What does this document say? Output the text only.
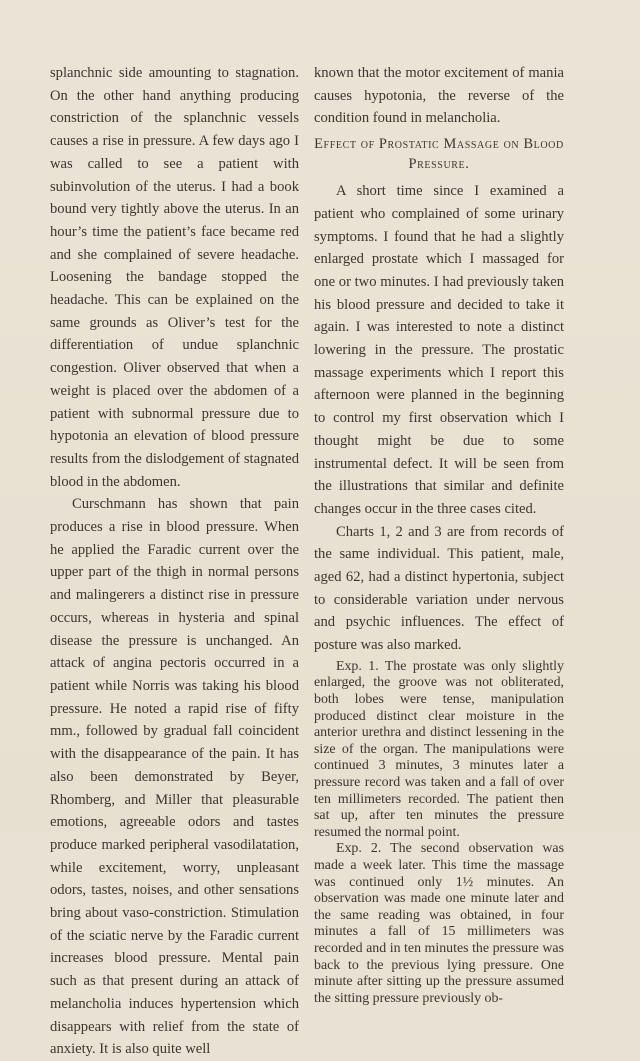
splanchnic side amounting to stagnation. On the other hand anything producing constriction of the splanchnic vessels causes a rise in pressure. A few days ago I was called to see a patient with subinvolution of the uterus. I had a book bound very tightly above the uterus. In an hour’s time the patient’s face became red and she complained of severe headache. Loosening the bandage stopped the headache. This can be explained on the same grounds as Oliver’s test for the differentiation of undue splanchnic congestion. Oliver observed that when a weight is placed over the abdomen of a patient with subnormal pressure due to hypotonia an elevation of blood pressure results from the dislodgement of stagnated blood in the abdomen.

Curschmann has shown that pain produces a rise in blood pressure. When he applied the Faradic current over the upper part of the thigh in normal persons and malingerers a distinct rise in pressure occurs, whereas in hysteria and spinal disease the pressure is unchanged. An attack of angina pectoris occurred in a patient while Norris was taking his blood pressure. He noted a rapid rise of fifty mm., followed by gradual fall coincident with the disappearance of the pain. It has also been demonstrated by Beyer, Rhomberg, and Miller that pleasurable emotions, agreeable odors and tastes produce marked peripheral vasodilatation, while excitement, worry, unpleasant odors, tastes, noises, and other sensations bring about vaso-constriction. Stimulation of the sciatic nerve by the Faradic current increases blood pressure. Mental pain such as that present during an attack of melancholia induces hypertension which disappears with relief from the state of anxiety. It is also quite well

known that the motor excitement of mania causes hypotonia, the reverse of the condition found in melancholia.

Effect of Prostatic Massage on Blood
Pressure.

A short time since I examined a patient who complained of some urinary symptoms. I found that he had a slightly enlarged prostate which I massaged for one or two minutes. I had previously taken his blood pressure and decided to take it again. I was interested to note a distinct lowering in the pressure. The prostatic massage experiments which I report this afternoon were planned in the beginning to control my first observation which I thought might be due to some instrumental defect. It will be seen from the illustrations that similar and definite changes occur in the three cases cited.

Charts 1, 2 and 3 are from records of the same individual. This patient, male, aged 62, had a distinct hypertonia, subject to considerable variation under nervous and psychic influences. The effect of posture was also marked.

Exp. 1. The prostate was only slightly enlarged, the groove was not obliterated, both lobes were tense, manipulation produced distinct clear moisture in the anterior urethra and distinct lessening in the size of the organ. The manipulations were continued 3 minutes, 3 minutes later a pressure record was taken and a fall of over ten millimeters recorded. The patient then sat up, after ten minutes the pressure resumed the normal point.

Exp. 2. The second observation was made a week later. This time the massage was continued only 1½ minutes. An observation was made one minute later and the same reading was obtained, in four minutes a fall of 15 millimeters was recorded and in ten minutes the pressure was back to the previous lying pressure. One minute after sitting up the pressure assumed the sitting pressure previously ob-
